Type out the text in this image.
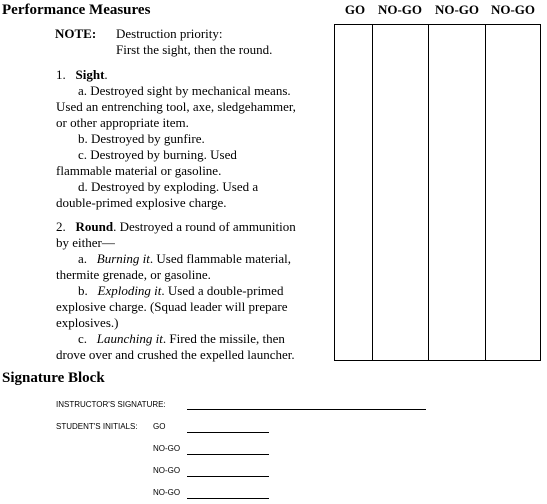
Performance Measures	GO NO-GO NO-GO NO-GO
NOTE: Destruction priority:
First the sight, then the round.
1. Sight.
a. Destroyed sight by mechanical means.
Used an entrenching tool, axe, sledgehammer,
or other appropriate item.
b. Destroyed by gunfire.
c. Destroyed by burning. Used
flammable material or gasoline.
d. Destroyed by exploding. Used a
double-primed explosive charge.
2. Round. Destroyed a round of ammunition
by either—
a. Burning it. Used flammable material,
thermite grenade, or gasoline.
b. Exploding it. Used a double-primed
explosive charge. (Squad leader will prepare
explosives.)
c. Launching it. Fired the missile, then
drove over and crushed the expelled launcher.
Signature Block
INSTRUCTOR'S SIGNATURE:
STUDENT'S INITIALS: GO
NO-GO
NO-GO
NO-GO
